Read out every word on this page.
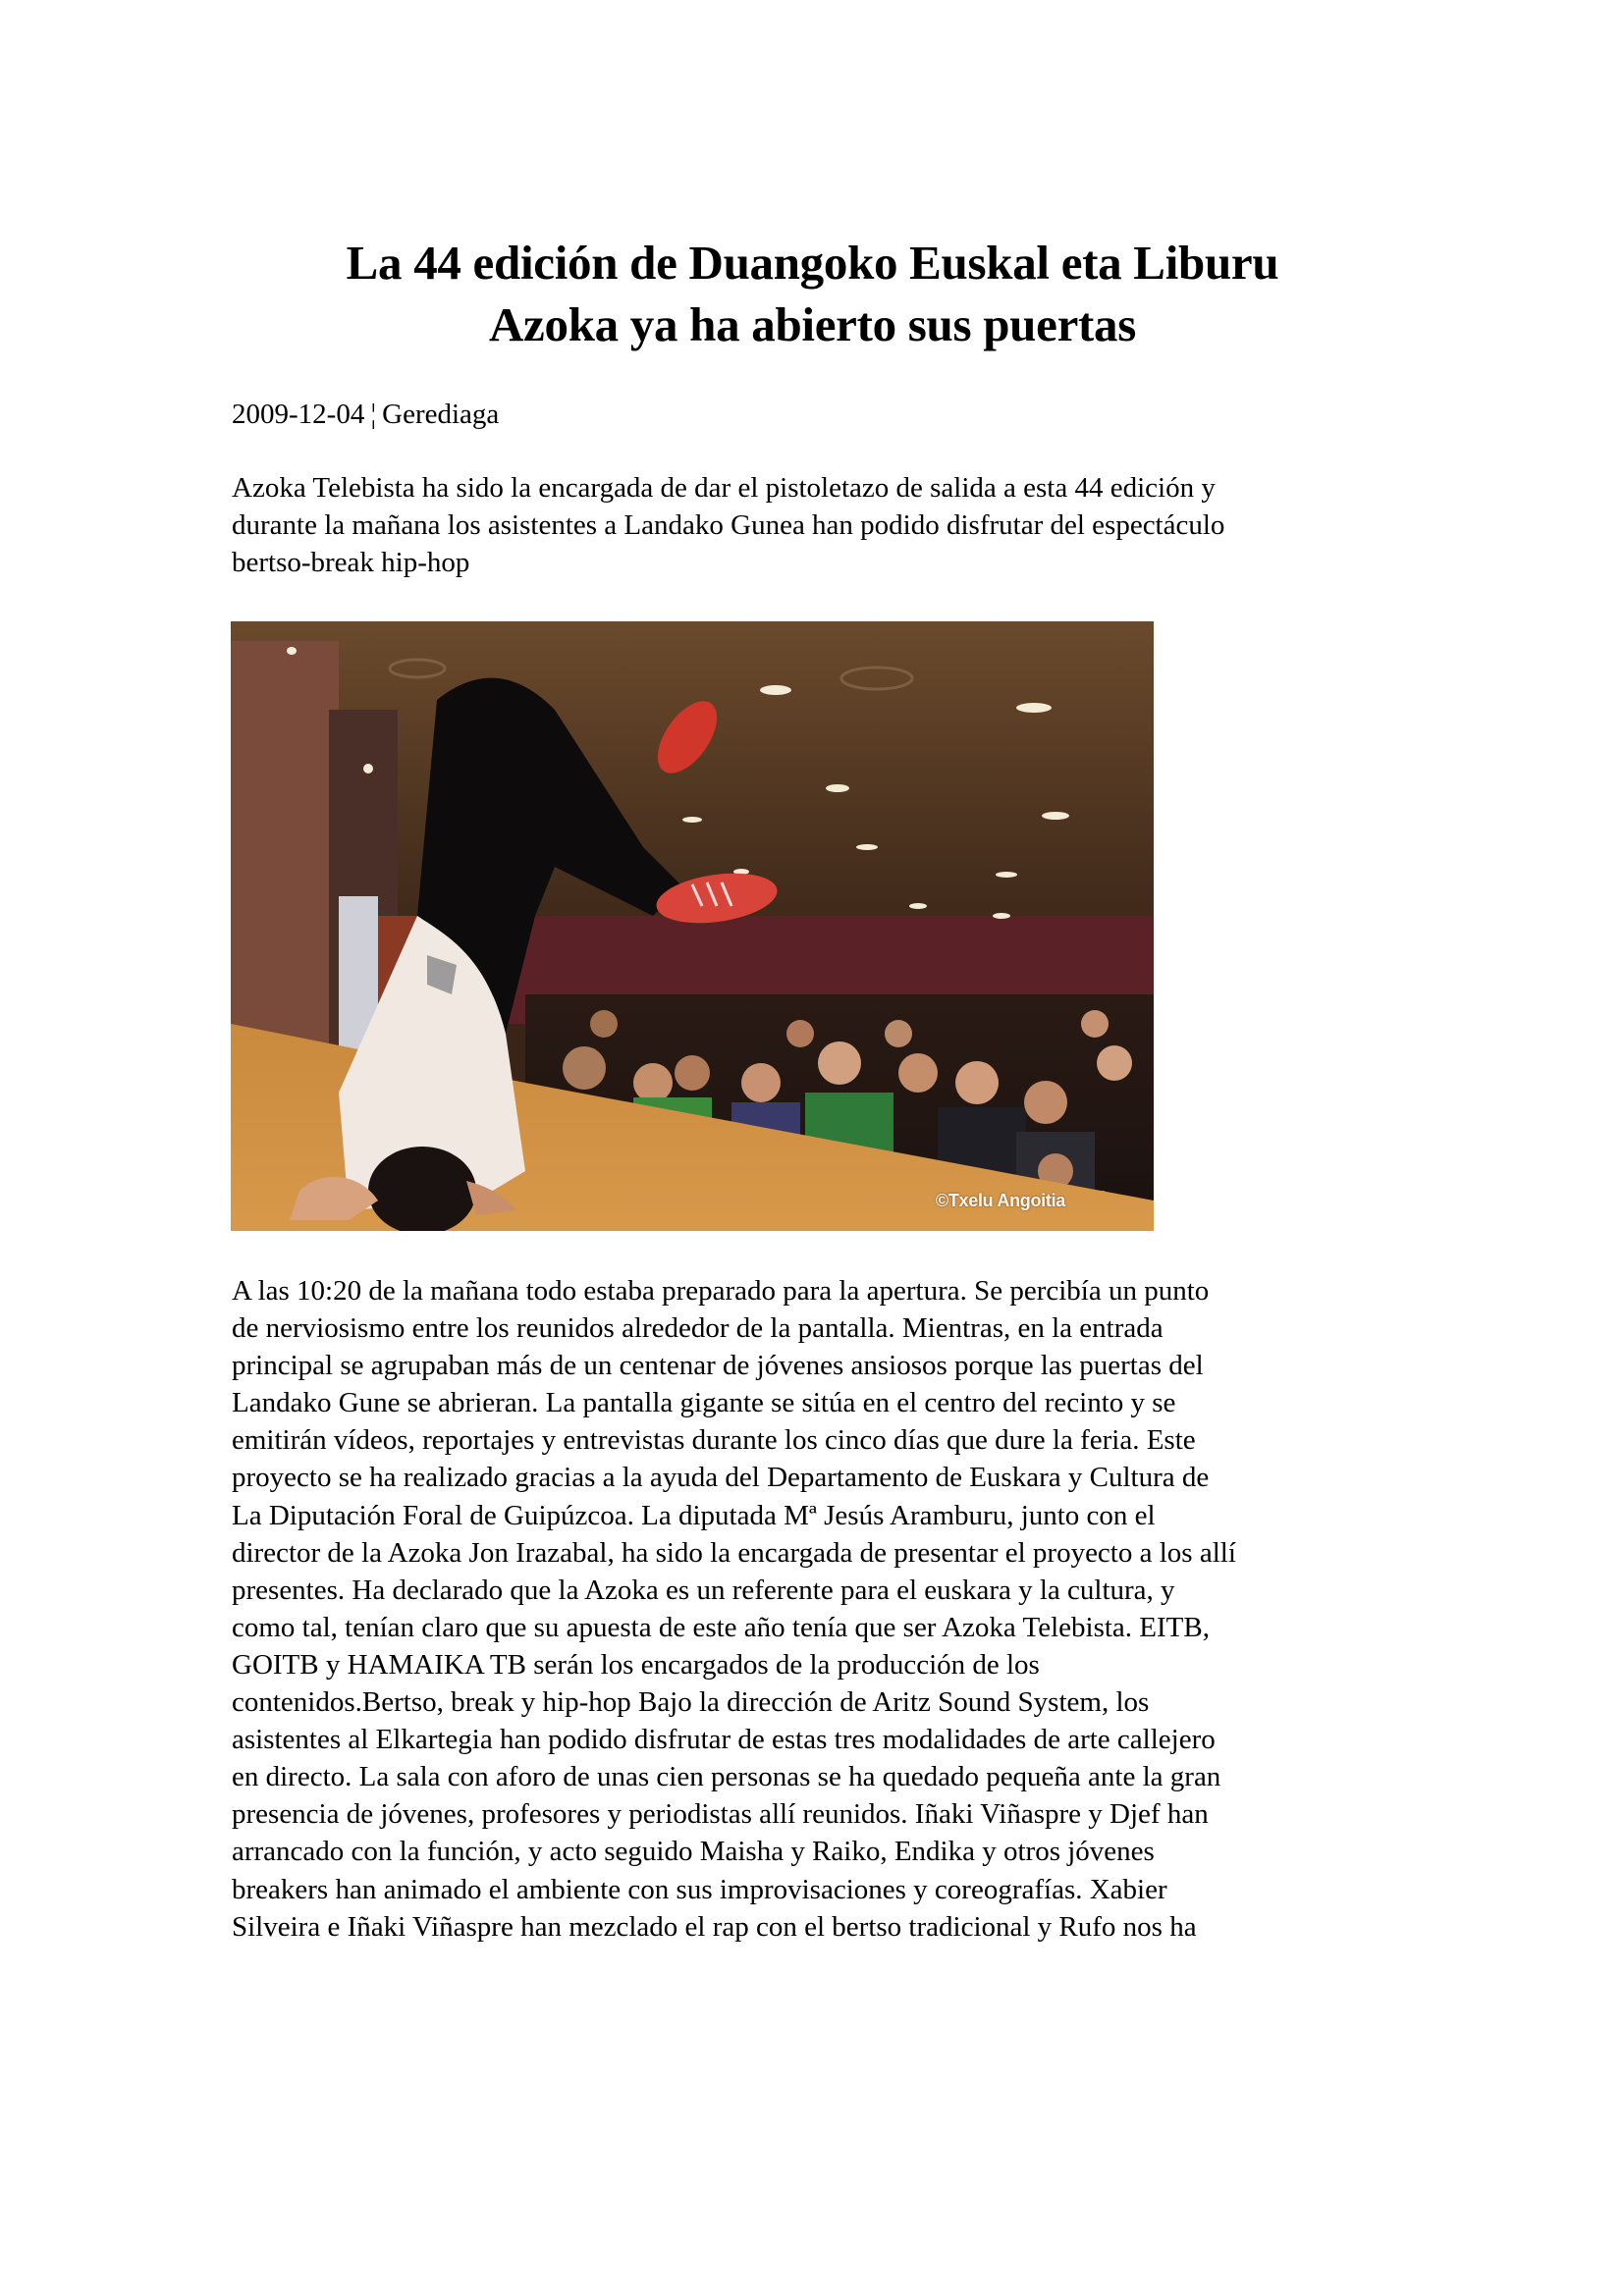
La 44 edición de Duangoko Euskal eta Liburu
Azoka ya ha abierto sus puertas
2009-12-04 ¦ Gerediaga

Azoka Telebista ha sido la encargada de dar el pistoletazo de salida a esta 44 edición y
durante la mañana los asistentes a Landako Gunea han podido disfrutar del espectáculo
bertso-break hip-hop

©Txelu Angoitia

A las 10:20 de la mañana todo estaba preparado para la apertura. Se percibía un punto
de nerviosismo entre los reunidos alrededor de la pantalla. Mientras, en la entrada
principal se agrupaban más de un centenar de jóvenes ansiosos porque las puertas del
Landako Gune se abrieran. La pantalla gigante se sitúa en el centro del recinto y se
emitirán vídeos, reportajes y entrevistas durante los cinco días que dure la feria. Este
proyecto se ha realizado gracias a la ayuda del Departamento de Euskara y Cultura de
La Diputación Foral de Guipúzcoa. La diputada Mª Jesús Aramburu, junto con el
director de la Azoka Jon Irazabal, ha sido la encargada de presentar el proyecto a los allí
presentes. Ha declarado que la Azoka es un referente para el euskara y la cultura, y
como tal, tenían claro que su apuesta de este año tenía que ser Azoka Telebista. EITB,
GOITB y HAMAIKA TB serán los encargados de la producción de los
contenidos.Bertso, break y hip-hop Bajo la dirección de Aritz Sound System, los
asistentes al Elkartegia han podido disfrutar de estas tres modalidades de arte callejero
en directo. La sala con aforo de unas cien personas se ha quedado pequeña ante la gran
presencia de jóvenes, profesores y periodistas allí reunidos. Iñaki Viñaspre y Djef han
arrancado con la función, y acto seguido Maisha y Raiko, Endika y otros jóvenes
breakers han animado el ambiente con sus improvisaciones y coreografías. Xabier
Silveira e Iñaki Viñaspre han mezclado el rap con el bertso tradicional y Rufo nos ha
